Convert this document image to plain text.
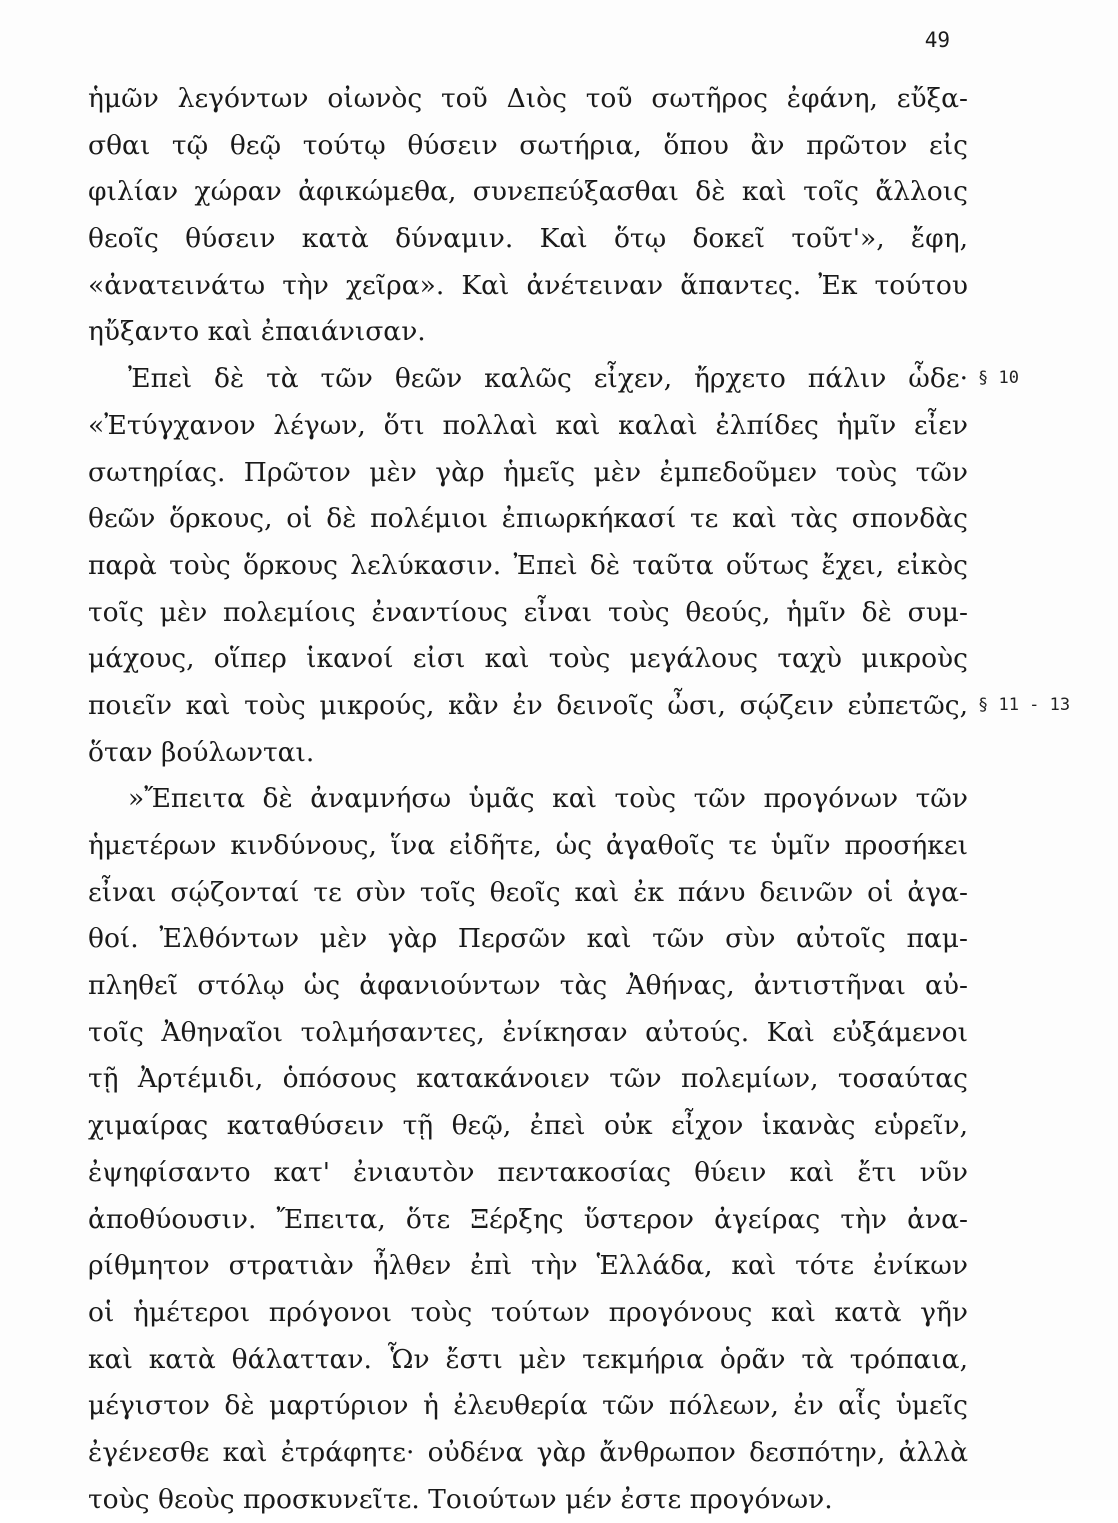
49
ἡμῶν λεγόντων οἰωνὸς τοῦ Διὸς τοῦ σωτῆρος ἐφάνη, εὔξα-
σθαι τῷ θεῷ τούτῳ θύσειν σωτήρια, ὅπου ἂν πρῶτον εἰς
φιλίαν χώραν ἀφικώμεθα, συνεπεύξασθαι δὲ καὶ τοῖς ἄλλοις
θεοῖς θύσειν κατὰ δύναμιν. Καὶ ὅτῳ δοκεῖ τοῦτ'», ἔφη,
«ἀνατεινάτω τὴν χεῖρα». Καὶ ἀνέτειναν ἅπαντες. Ἐκ τούτου
ηὔξαντο καὶ ἐπαιάνισαν.
Ἐπεὶ δὲ τὰ τῶν θεῶν καλῶς εἶχεν, ἤρχετο πάλιν ὧδε·
«Ἐτύγχανον λέγων, ὅτι πολλαὶ καὶ καλαὶ ἐλπίδες ἡμῖν εἶεν
σωτηρίας. Πρῶτον μὲν γὰρ ἡμεῖς μὲν ἐμπεδοῦμεν τοὺς τῶν
θεῶν ὅρκους, οἱ δὲ πολέμιοι ἐπιωρκήκασί τε καὶ τὰς σπονδὰς
παρὰ τοὺς ὅρκους λελύκασιν. Ἐπεὶ δὲ ταῦτα οὕτως ἔχει, εἰκὸς
τοῖς μὲν πολεμίοις ἐναντίους εἶναι τοὺς θεούς, ἡμῖν δὲ συμ-
μάχους, οἵπερ ἱκανοί εἰσι καὶ τοὺς μεγάλους ταχὺ μικροὺς
ποιεῖν καὶ τοὺς μικρούς, κἂν ἐν δεινοῖς ὦσι, σῴζειν εὐπετῶς,
ὅταν βούλωνται.
»Ἔπειτα δὲ ἀναμνήσω ὑμᾶς καὶ τοὺς τῶν προγόνων τῶν
ἡμετέρων κινδύνους, ἵνα εἰδῆτε, ὡς ἀγαθοῖς τε ὑμῖν προσήκει
εἶναι σῴζονταί τε σὺν τοῖς θεοῖς καὶ ἐκ πάνυ δεινῶν οἱ ἀγα-
θοί. Ἐλθόντων μὲν γὰρ Περσῶν καὶ τῶν σὺν αὐτοῖς παμ-
πληθεῖ στόλῳ ὡς ἀφανιούντων τὰς Ἀθήνας, ἀντιστῆναι αὐ-
τοῖς Ἀθηναῖοι τολμήσαντες, ἐνίκησαν αὐτούς. Καὶ εὐξάμενοι
τῇ Ἀρτέμιδι, ὁπόσους κατακάνοιεν τῶν πολεμίων, τοσαύτας
χιμαίρας καταθύσειν τῇ θεῷ, ἐπεὶ οὐκ εἶχον ἱκανὰς εὑρεῖν,
ἐψηφίσαντο κατ' ἐνιαυτὸν πεντακοσίας θύειν καὶ ἔτι νῦν
ἀποθύουσιν. Ἔπειτα, ὅτε Ξέρξης ὕστερον ἀγείρας τὴν ἀνα-
ρίθμητον στρατιὰν ἦλθεν ἐπὶ τὴν Ἑλλάδα, καὶ τότε ἐνίκων
οἱ ἡμέτεροι πρόγονοι τοὺς τούτων προγόνους καὶ κατὰ γῆν
καὶ κατὰ θάλατταν. Ὧν ἔστι μὲν τεκμήρια ὁρᾶν τὰ τρόπαια,
μέγιστον δὲ μαρτύριον ἡ ἐλευθερία τῶν πόλεων, ἐν αἷς ὑμεῖς
ἐγένεσθε καὶ ἐτράφητε· οὐδένα γὰρ ἄνθρωπον δεσπότην, ἀλλὰ
τοὺς θεοὺς προσκυνεῖτε. Τοιούτων μέν ἐστε προγόνων.
§ 10
§ 11 - 13
